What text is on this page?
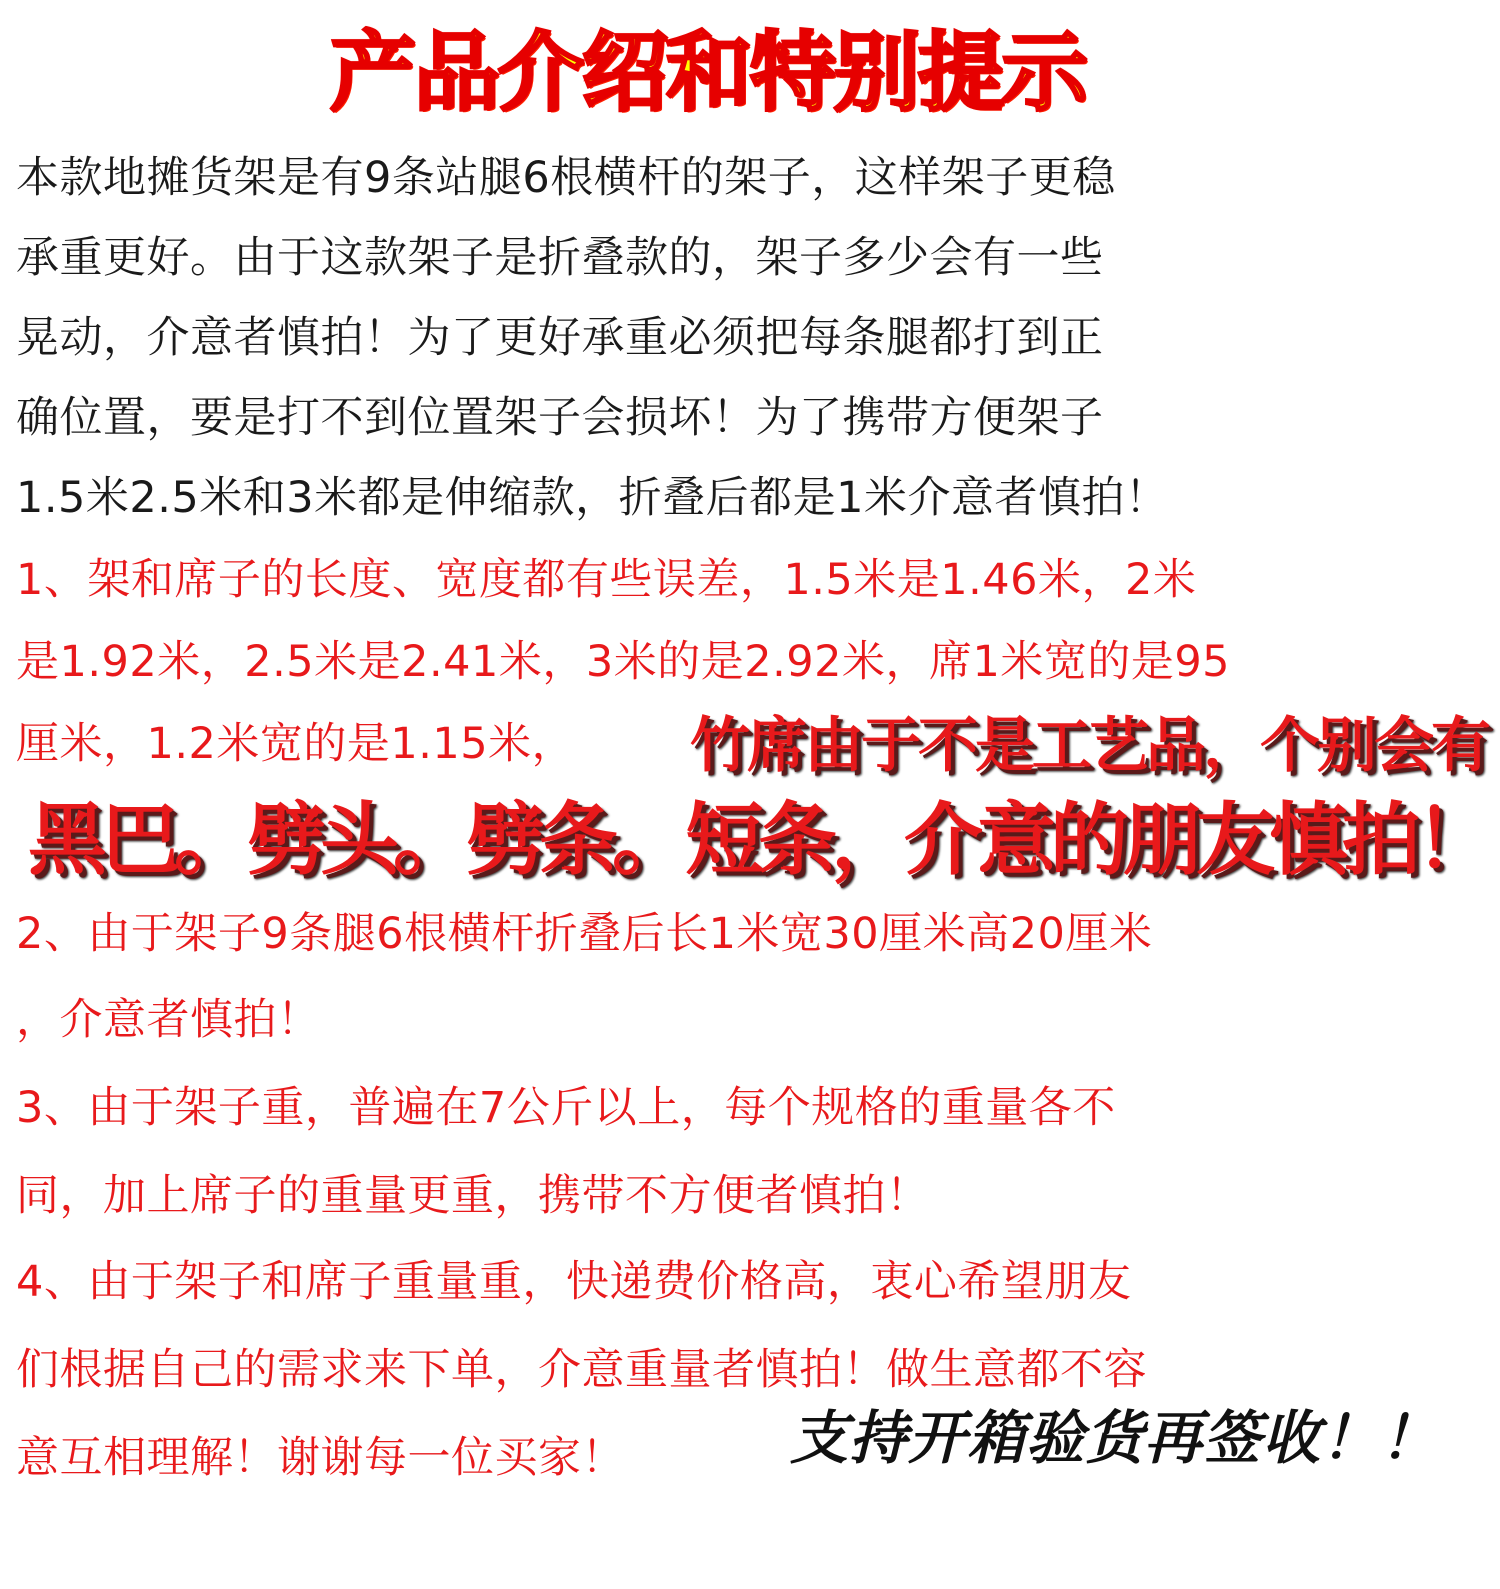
产品介绍和特别提示
本款地摊货架是有9条站腿6根横杆的架子，这样架子更稳
承重更好。由于这款架子是折叠款的，架子多少会有一些
晃动，介意者慎拍！为了更好承重必须把每条腿都打到正
确位置，要是打不到位置架子会损坏！为了携带方便架子
1.5米2.5米和3米都是伸缩款，折叠后都是1米介意者慎拍！
1、架和席子的长度、宽度都有些误差，1.5米是1.46米，2米
是1.92米，2.5米是2.41米，3米的是2.92米，席1米宽的是95
厘米，1.2米宽的是1.15米， 竹席由于不是工艺品，个别会有
黑巴。劈头。劈条。短条，介意的朋友慎拍！
2、由于架子9条腿6根横杆折叠后长1米宽30厘米高20厘米
，介意者慎拍！
3、由于架子重，普遍在7公斤以上，每个规格的重量各不
同，加上席子的重量更重，携带不方便者慎拍！
4、由于架子和席子重量重，快递费价格高，衷心希望朋友
们根据自己的需求来下单，介意重量者慎拍！做生意都不容
意互相理解！谢谢每一位买家！	支持开箱验货再签收！！
